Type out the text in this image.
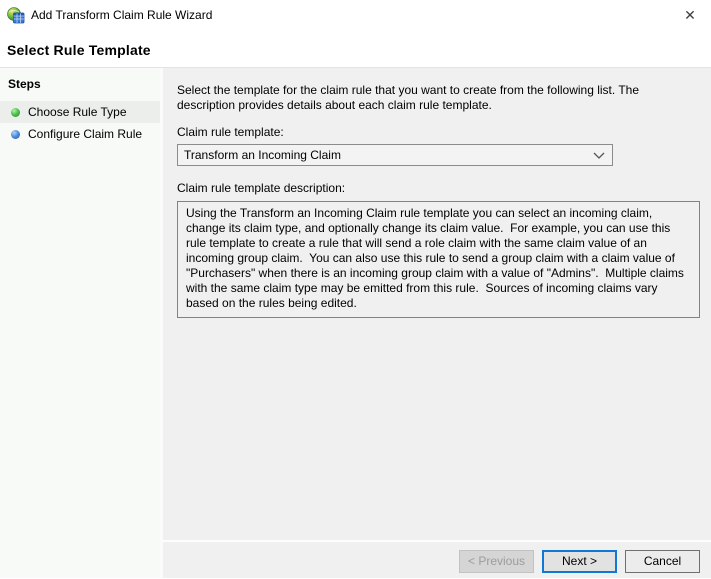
Add Transform Claim Rule Wizard	✕
Select Rule Template
Steps
Choose Rule Type
Configure Claim Rule
Select the template for the claim rule that you want to create from the following list. The description provides details about each claim rule template.
Claim rule template:
Transform an Incoming Claim
Claim rule template description:
Using the Transform an Incoming Claim rule template you can select an incoming claim, change its claim type, and optionally change its claim value.  For example, you can use this rule template to create a rule that will send a role claim with the same claim value of an incoming group claim.  You can also use this rule to send a group claim with a claim value of "Purchasers" when there is an incoming group claim with a value of "Admins".  Multiple claims with the same claim type may be emitted from this rule.  Sources of incoming claims vary based on the rules being edited.
< Previous	Next >	Cancel
